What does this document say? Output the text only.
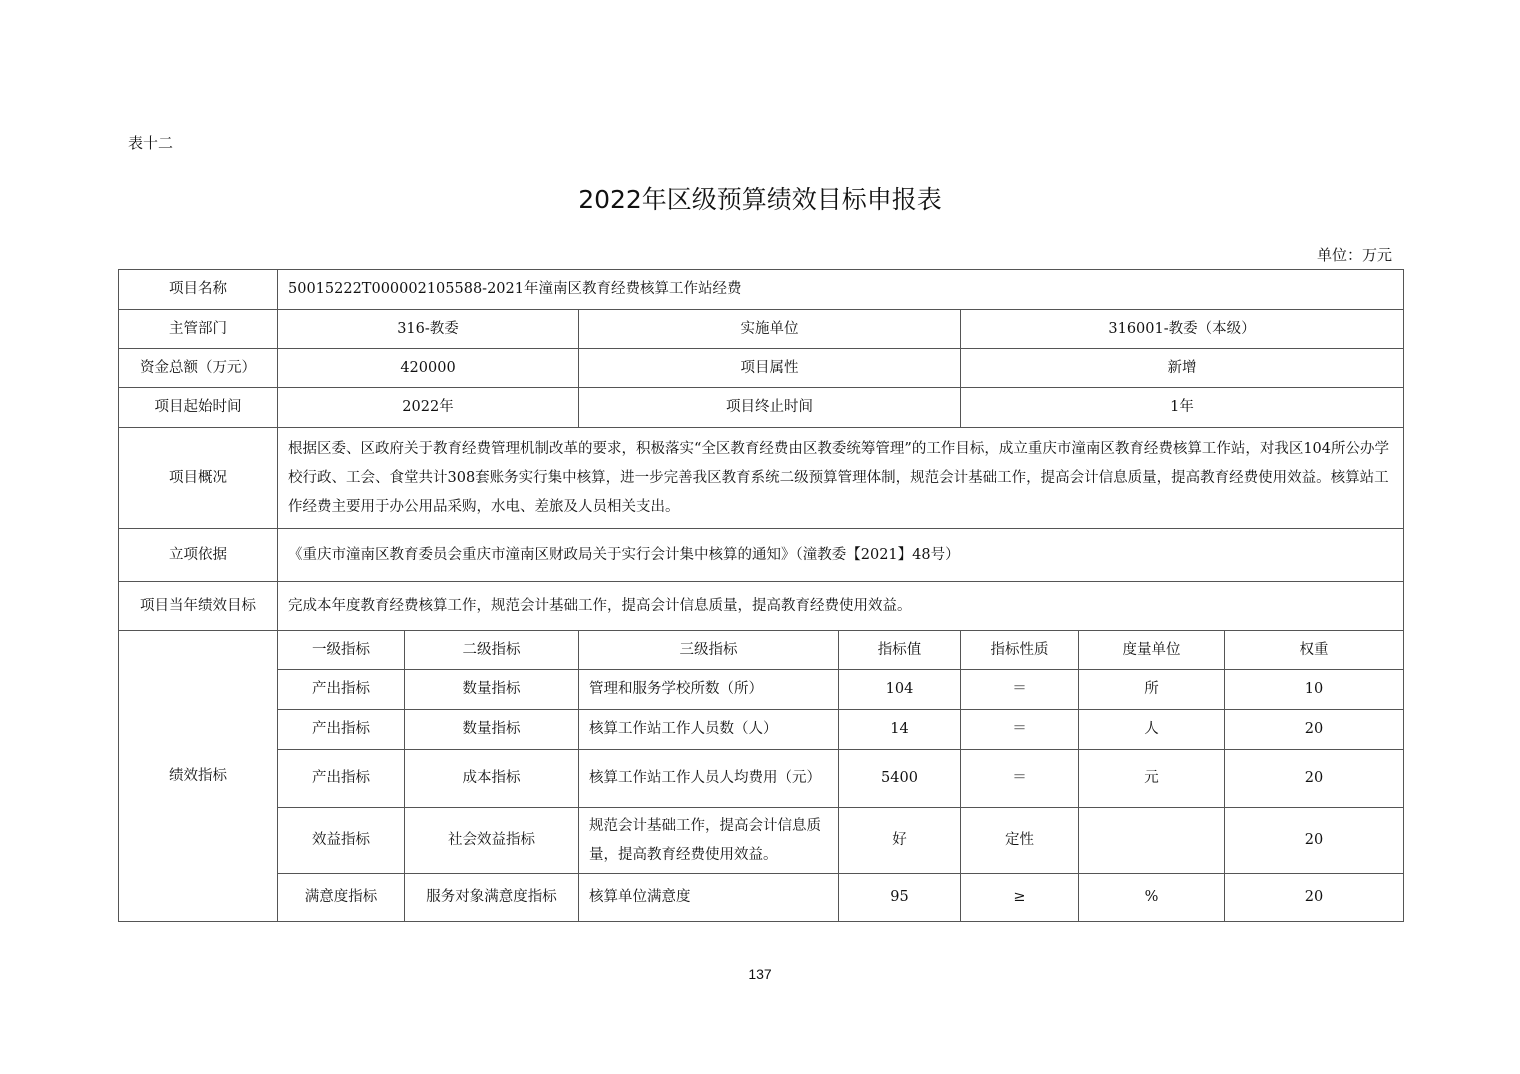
表十二
2022年区级预算绩效目标申报表
单位：万元
项目名称	50015222T000002105588-2021年潼南区教育经费核算工作站经费						
主管部门	316-教委		实施单位		316001-教委（本级）		
资金总额（万元）	420000		项目属性		新增		
项目起始时间	2022年		项目终止时间		1年		
项目概况	根据区委、区政府关于教育经费管理机制改革的要求，积极落实“全区教育经费由区教委统筹管理”的工作目标，成立重庆市潼南区教育经费核算工作站，对我区104所公办学校行政、工会、食堂共计308套账务实行集中核算，进一步完善我区教育系统二级预算管理体制，规范会计基础工作，提高会计信息质量，提高教育经费使用效益。核算站工作经费主要用于办公用品采购，水电、差旅及人员相关支出。						
立项依据	《重庆市潼南区教育委员会重庆市潼南区财政局关于实行会计集中核算的通知》（潼教委【2021】48号）						
项目当年绩效目标	完成本年度教育经费核算工作，规范会计基础工作，提高会计信息质量，提高教育经费使用效益。						
绩效指标	一级指标	二级指标	三级指标	指标值	指标性质	度量单位	权重
	产出指标	数量指标	管理和服务学校所数（所）	104	＝	所	10
	产出指标	数量指标	核算工作站工作人员数（人）	14	＝	人	20
	产出指标	成本指标	核算工作站工作人员人均费用（元）	5400	＝	元	20
	效益指标	社会效益指标	规范会计基础工作，提高会计信息质量，提高教育经费使用效益。	好	定性		20
	满意度指标	服务对象满意度指标	核算单位满意度	95	≥	%	20
137
